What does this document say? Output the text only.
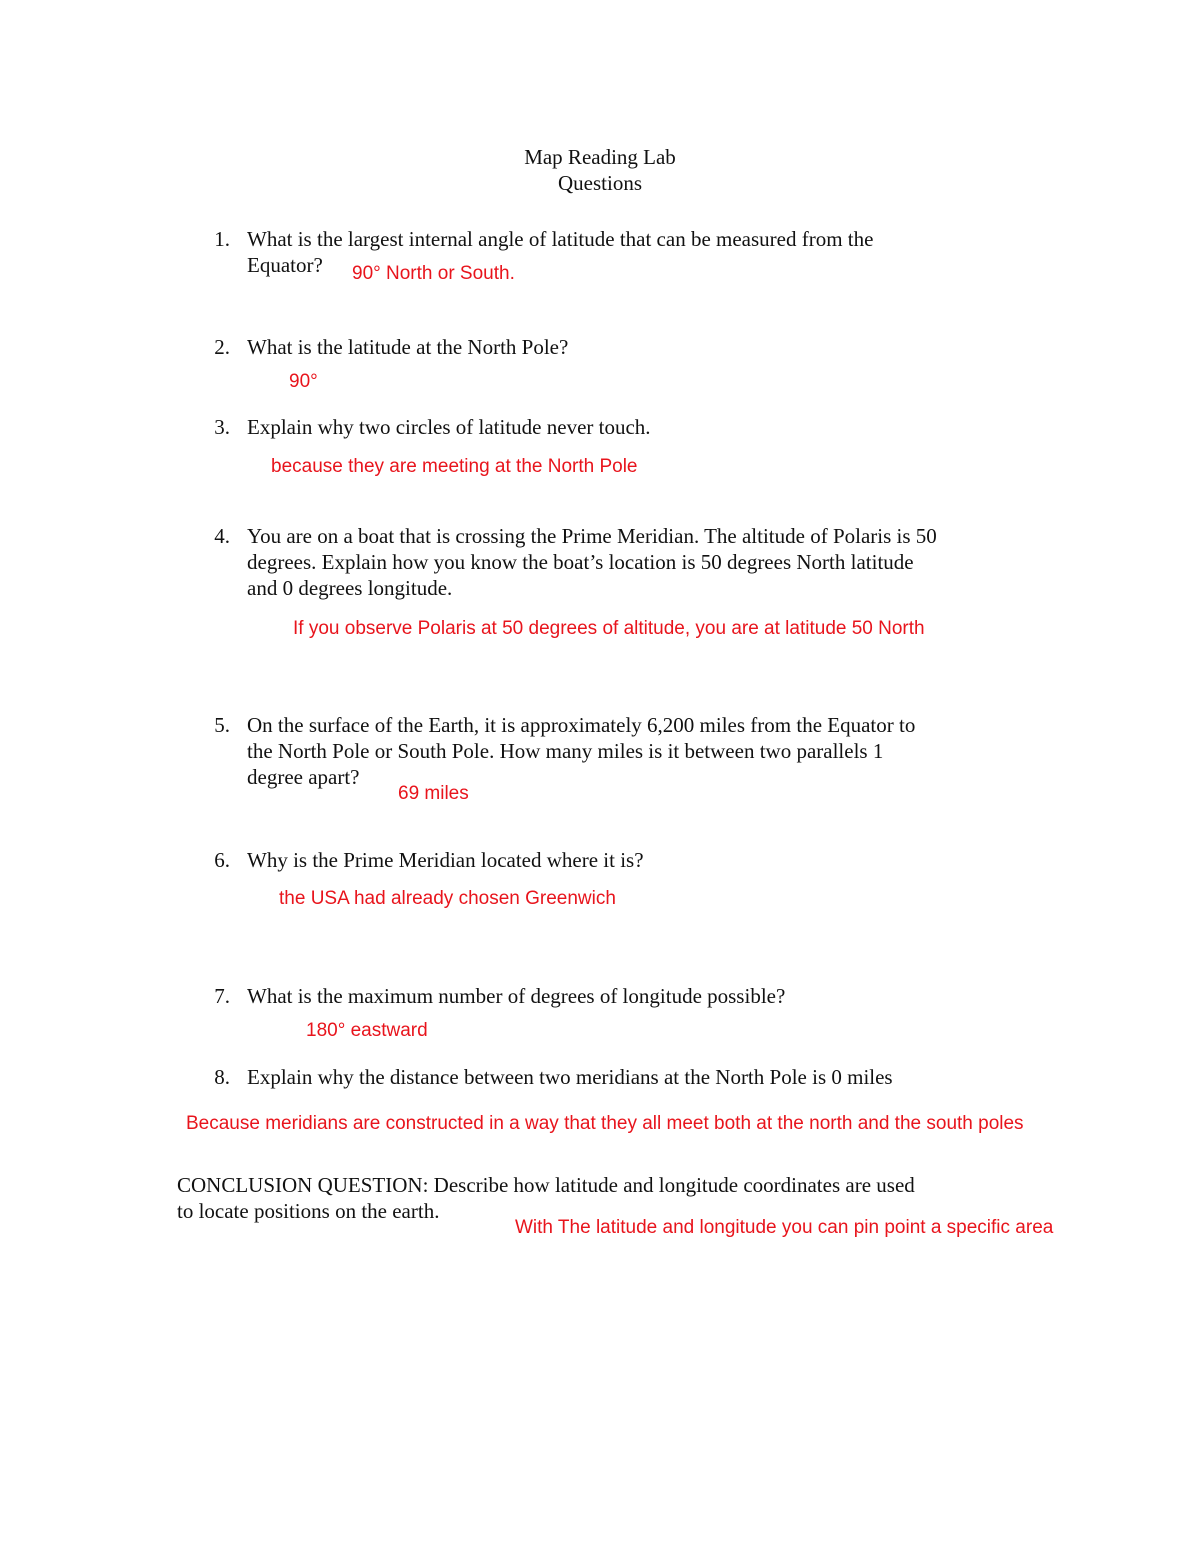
Map Reading Lab
Questions
1. What is the largest internal angle of latitude that can be measured from the
Equator?	90° North or South.
2. What is the latitude at the North Pole?
90°
3. Explain why two circles of latitude never touch.
because they are meeting at the North Pole
4. You are on a boat that is crossing the Prime Meridian. The altitude of Polaris is 50
degrees. Explain how you know the boat’s location is 50 degrees North latitude
and 0 degrees longitude.
If you observe Polaris at 50 degrees of altitude, you are at latitude 50 North
5. On the surface of the Earth, it is approximately 6,200 miles from the Equator to
the North Pole or South Pole. How many miles is it between two parallels 1
degree apart?
69 miles
6. Why is the Prime Meridian located where it is?
the USA had already chosen Greenwich
7. What is the maximum number of degrees of longitude possible?
180° eastward
8. Explain why the distance between two meridians at the North Pole is 0 miles
Because meridians are constructed in a way that they all meet both at the north and the south poles
CONCLUSION QUESTION: Describe how latitude and longitude coordinates are used
to locate positions on the earth.
With The latitude and longitude you can pin point a specific area
